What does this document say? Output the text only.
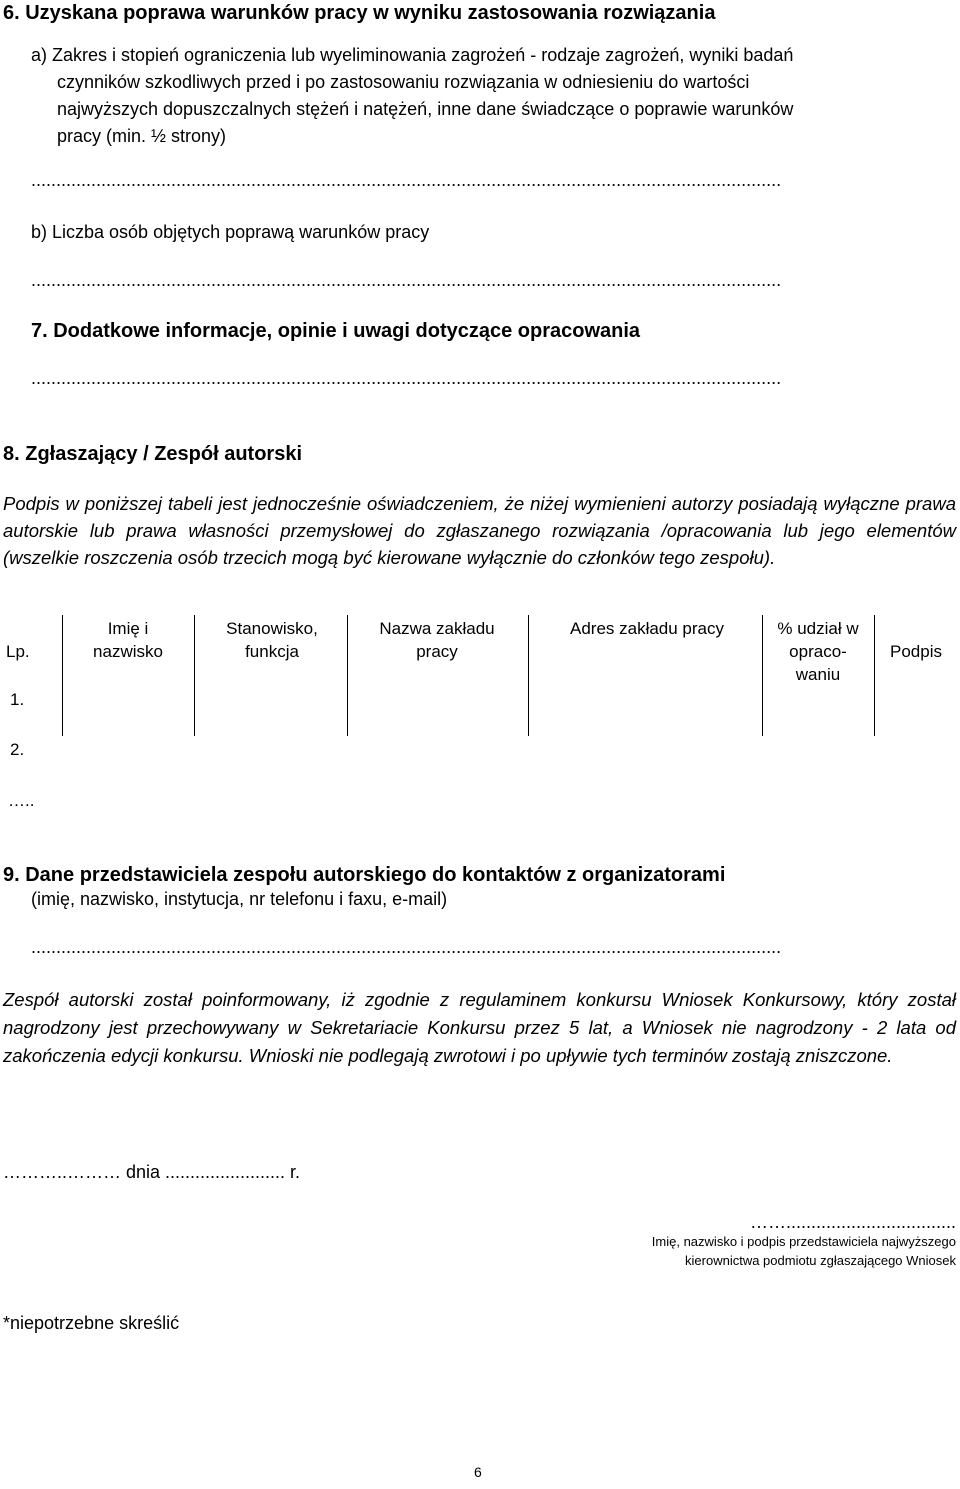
6. Uzyskana poprawa warunków pracy w wyniku zastosowania rozwiązania
a) Zakres i stopień ograniczenia lub wyeliminowania zagrożeń - rodzaje zagrożeń, wyniki badań
czynników szkodliwych przed i po zastosowaniu rozwiązania w odniesieniu do wartości
najwyższych dopuszczalnych stężeń i natężeń, inne dane świadczące o poprawie warunków
pracy (min. ½ strony)
......................................................................................................................................................
b) Liczba osób objętych poprawą warunków pracy
......................................................................................................................................................
7. Dodatkowe informacje, opinie i uwagi dotyczące opracowania
......................................................................................................................................................
8. Zgłaszający / Zespół autorski
Podpis w poniższej tabeli jest jednocześnie oświadczeniem, że niżej wymienieni autorzy posiadają wyłączne prawa autorskie lub prawa własności przemysłowej do zgłaszanego rozwiązania /opracowania lub jego elementów (wszelkie roszczenia osób trzecich mogą być kierowane wyłącznie do członków tego zespołu).
Lp.
Imię i nazwisko
Stanowisko, funkcja
Nazwa zakładu pracy
Adres zakładu pracy	% udział w opraco- waniu
Podpis
1.
2.
…..
9. Dane przedstawiciela zespołu autorskiego do kontaktów z organizatorami
(imię, nazwisko, instytucja, nr telefonu i faxu, e-mail)
......................................................................................................................................................
Zespół autorski został poinformowany, iż zgodnie z regulaminem konkursu Wniosek Konkursowy, który został nagrodzony jest przechowywany w Sekretariacie Konkursu przez 5 lat, a Wniosek nie nagrodzony - 2 lata od zakończenia edycji konkursu. Wnioski nie podlegają zwrotowi i po upływie tych terminów zostają zniszczone.
………..……… dnia ........................ r.
……..................................
Imię, nazwisko i podpis przedstawiciela najwyższego
kierownictwa podmiotu zgłaszającego Wniosek
*niepotrzebne skreślić
6
